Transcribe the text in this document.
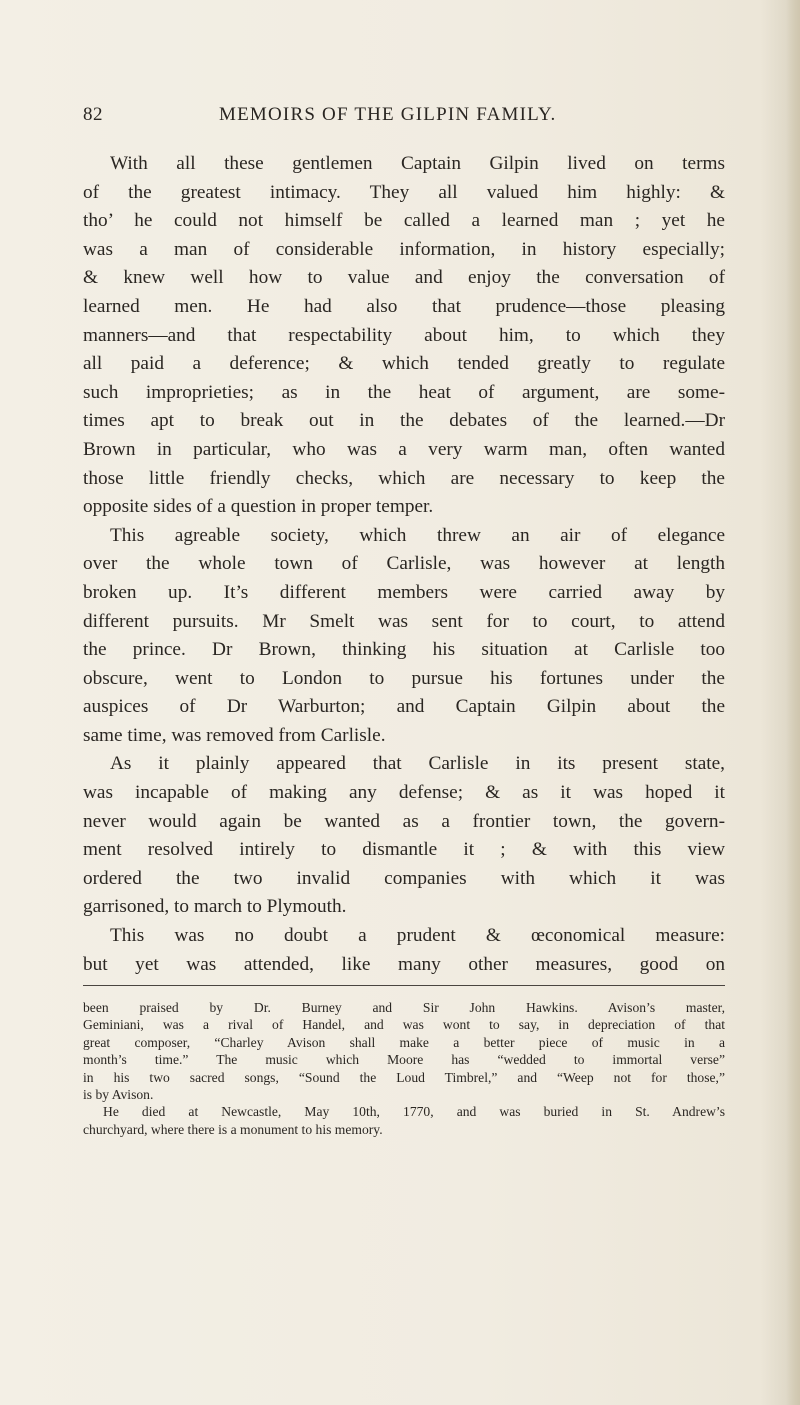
82	MEMOIRS OF THE GILPIN FAMILY.
With all these gentlemen Captain Gilpin lived on terms
of the greatest intimacy. They all valued him highly: &
tho’ he could not himself be called a learned man ; yet he
was a man of considerable information, in history especially;
& knew well how to value and enjoy the conversation of
learned men. He had also that prudence—those pleasing
manners—and that respectability about him, to which they
all paid a deference; & which tended greatly to regulate
such improprieties; as in the heat of argument, are some-
times apt to break out in the debates of the learned.—Dr
Brown in particular, who was a very warm man, often wanted
those little friendly checks, which are necessary to keep the
opposite sides of a question in proper temper.
This agreable society, which threw an air of elegance
over the whole town of Carlisle, was however at length
broken up. It’s different members were carried away by
different pursuits. Mr Smelt was sent for to court, to attend
the prince. Dr Brown, thinking his situation at Carlisle too
obscure, went to London to pursue his fortunes under the
auspices of Dr Warburton; and Captain Gilpin about the
same time, was removed from Carlisle.
As it plainly appeared that Carlisle in its present state,
was incapable of making any defense; & as it was hoped it
never would again be wanted as a frontier town, the govern-
ment resolved intirely to dismantle it ; & with this view
ordered the two invalid companies with which it was
garrisoned, to march to Plymouth.
This was no doubt a prudent & œconomical measure:
but yet was attended, like many other measures, good on
been praised by Dr. Burney and Sir John Hawkins. Avison’s master,
Geminiani, was a rival of Handel, and was wont to say, in depreciation of that
great composer, “Charley Avison shall make a better piece of music in a
month’s time.” The music which Moore has “wedded to immortal verse”
in his two sacred songs, “Sound the Loud Timbrel,” and “Weep not for those,”
is by Avison.
He died at Newcastle, May 10th, 1770, and was buried in St. Andrew’s
churchyard, where there is a monument to his memory.
